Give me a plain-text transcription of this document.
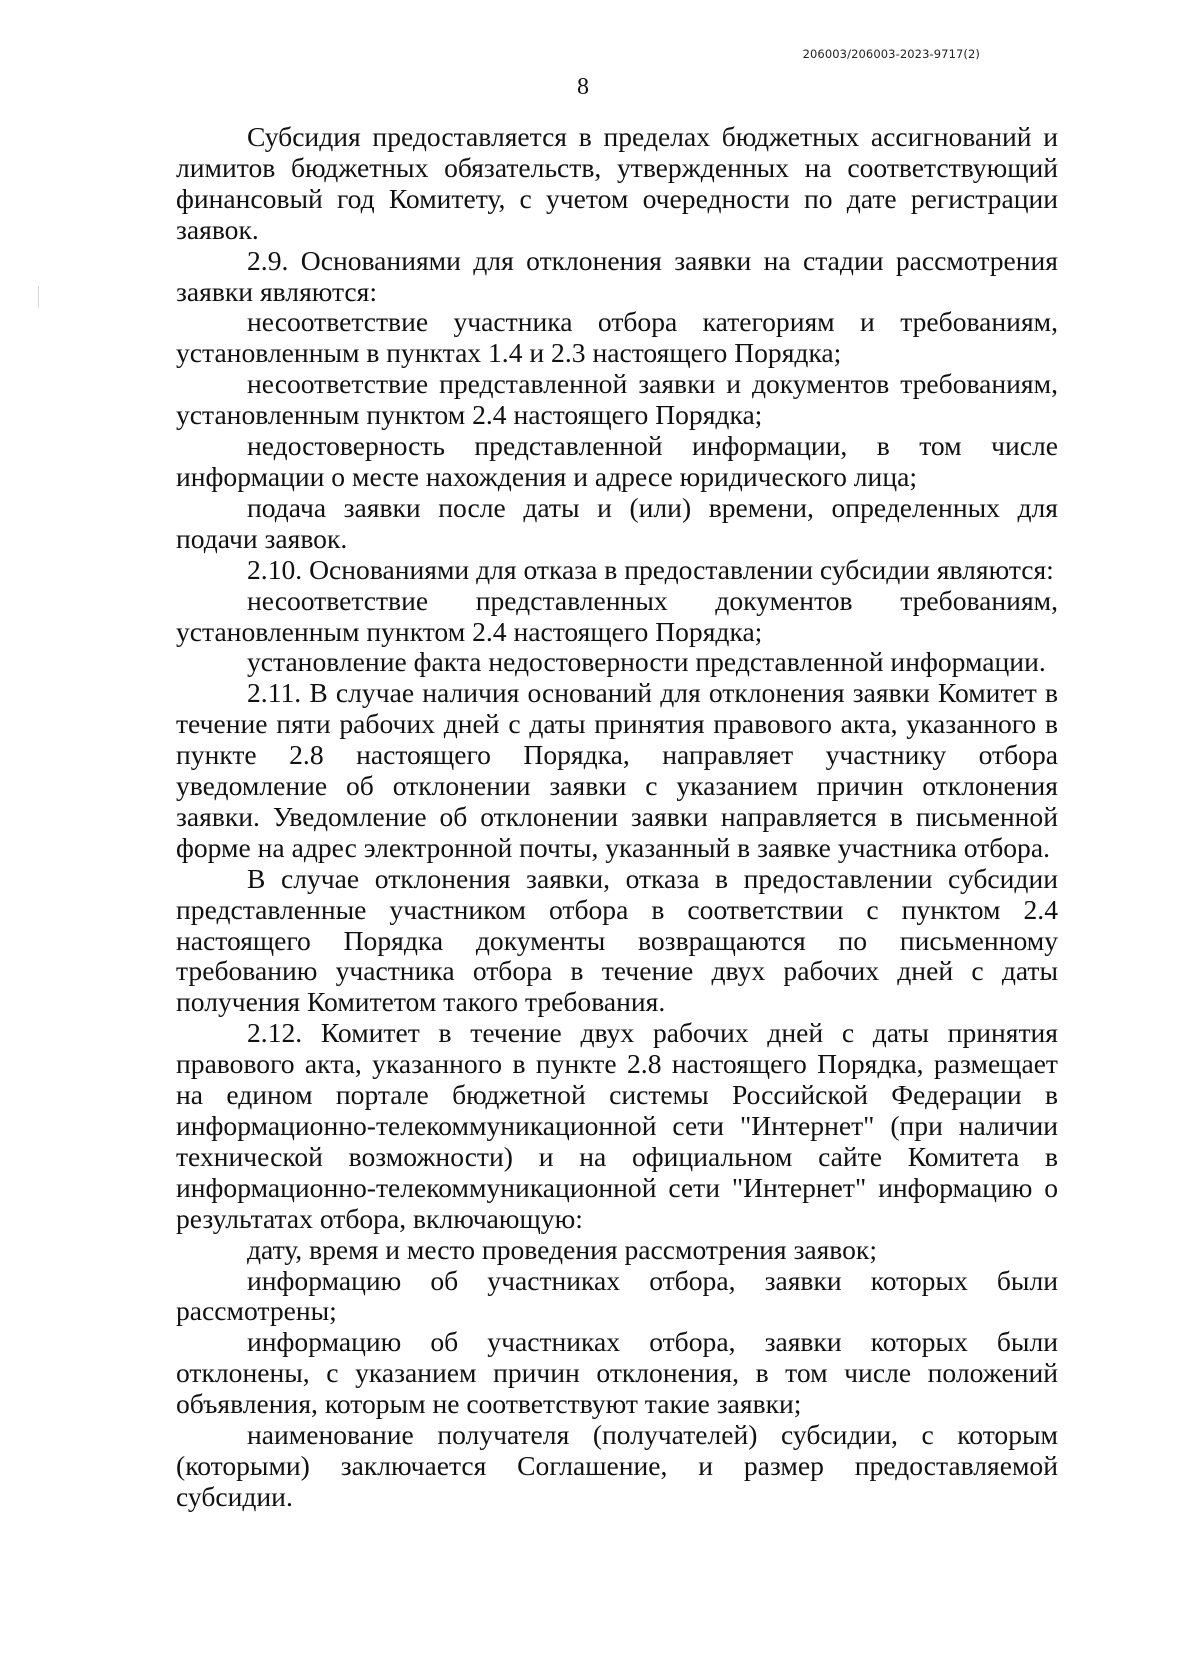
206003/206003-2023-9717(2)
8

Субсидия предоставляется в пределах бюджетных ассигнований и лимитов бюджетных обязательств, утвержденных на соответствующий финансовый год Комитету, с учетом очередности по дате регистрации заявок.

2.9. Основаниями для отклонения заявки на стадии рассмотрения заявки являются:

несоответствие участника отбора категориям и требованиям, установленным в пунктах 1.4 и 2.3 настоящего Порядка;

несоответствие представленной заявки и документов требованиям, установленным пунктом 2.4 настоящего Порядка;

недостоверность представленной информации, в том числе информации о месте нахождения и адресе юридического лица;

подача заявки после даты и (или) времени, определенных для подачи заявок.

2.10. Основаниями для отказа в предоставлении субсидии являются:

несоответствие представленных документов требованиям, установленным пунктом 2.4 настоящего Порядка;

установление факта недостоверности представленной информации.

2.11. В случае наличия оснований для отклонения заявки Комитет в течение пяти рабочих дней с даты принятия правового акта, указанного в пункте 2.8 настоящего Порядка, направляет участнику отбора уведомление об отклонении заявки с указанием причин отклонения заявки. Уведомление об отклонении заявки направляется в письменной форме на адрес электронной почты, указанный в заявке участника отбора.

В случае отклонения заявки, отказа в предоставлении субсидии представленные участником отбора в соответствии с пунктом 2.4 настоящего Порядка документы возвращаются по письменному требованию участника отбора в течение двух рабочих дней с даты получения Комитетом такого требования.

2.12. Комитет в течение двух рабочих дней с даты принятия правового акта, указанного в пункте 2.8 настоящего Порядка, размещает на едином портале бюджетной системы Российской Федерации в информационно-телекоммуникационной сети "Интернет" (при наличии технической возможности) и на официальном сайте Комитета в информационно-телекоммуникационной сети "Интернет" информацию о результатах отбора, включающую:

дату, время и место проведения рассмотрения заявок;

информацию об участниках отбора, заявки которых были рассмотрены;

информацию об участниках отбора, заявки которых были отклонены, с указанием причин отклонения, в том числе положений объявления, которым не соответствуют такие заявки;

наименование получателя (получателей) субсидии, с которым (которыми) заключается Соглашение, и размер предоставляемой субсидии.
